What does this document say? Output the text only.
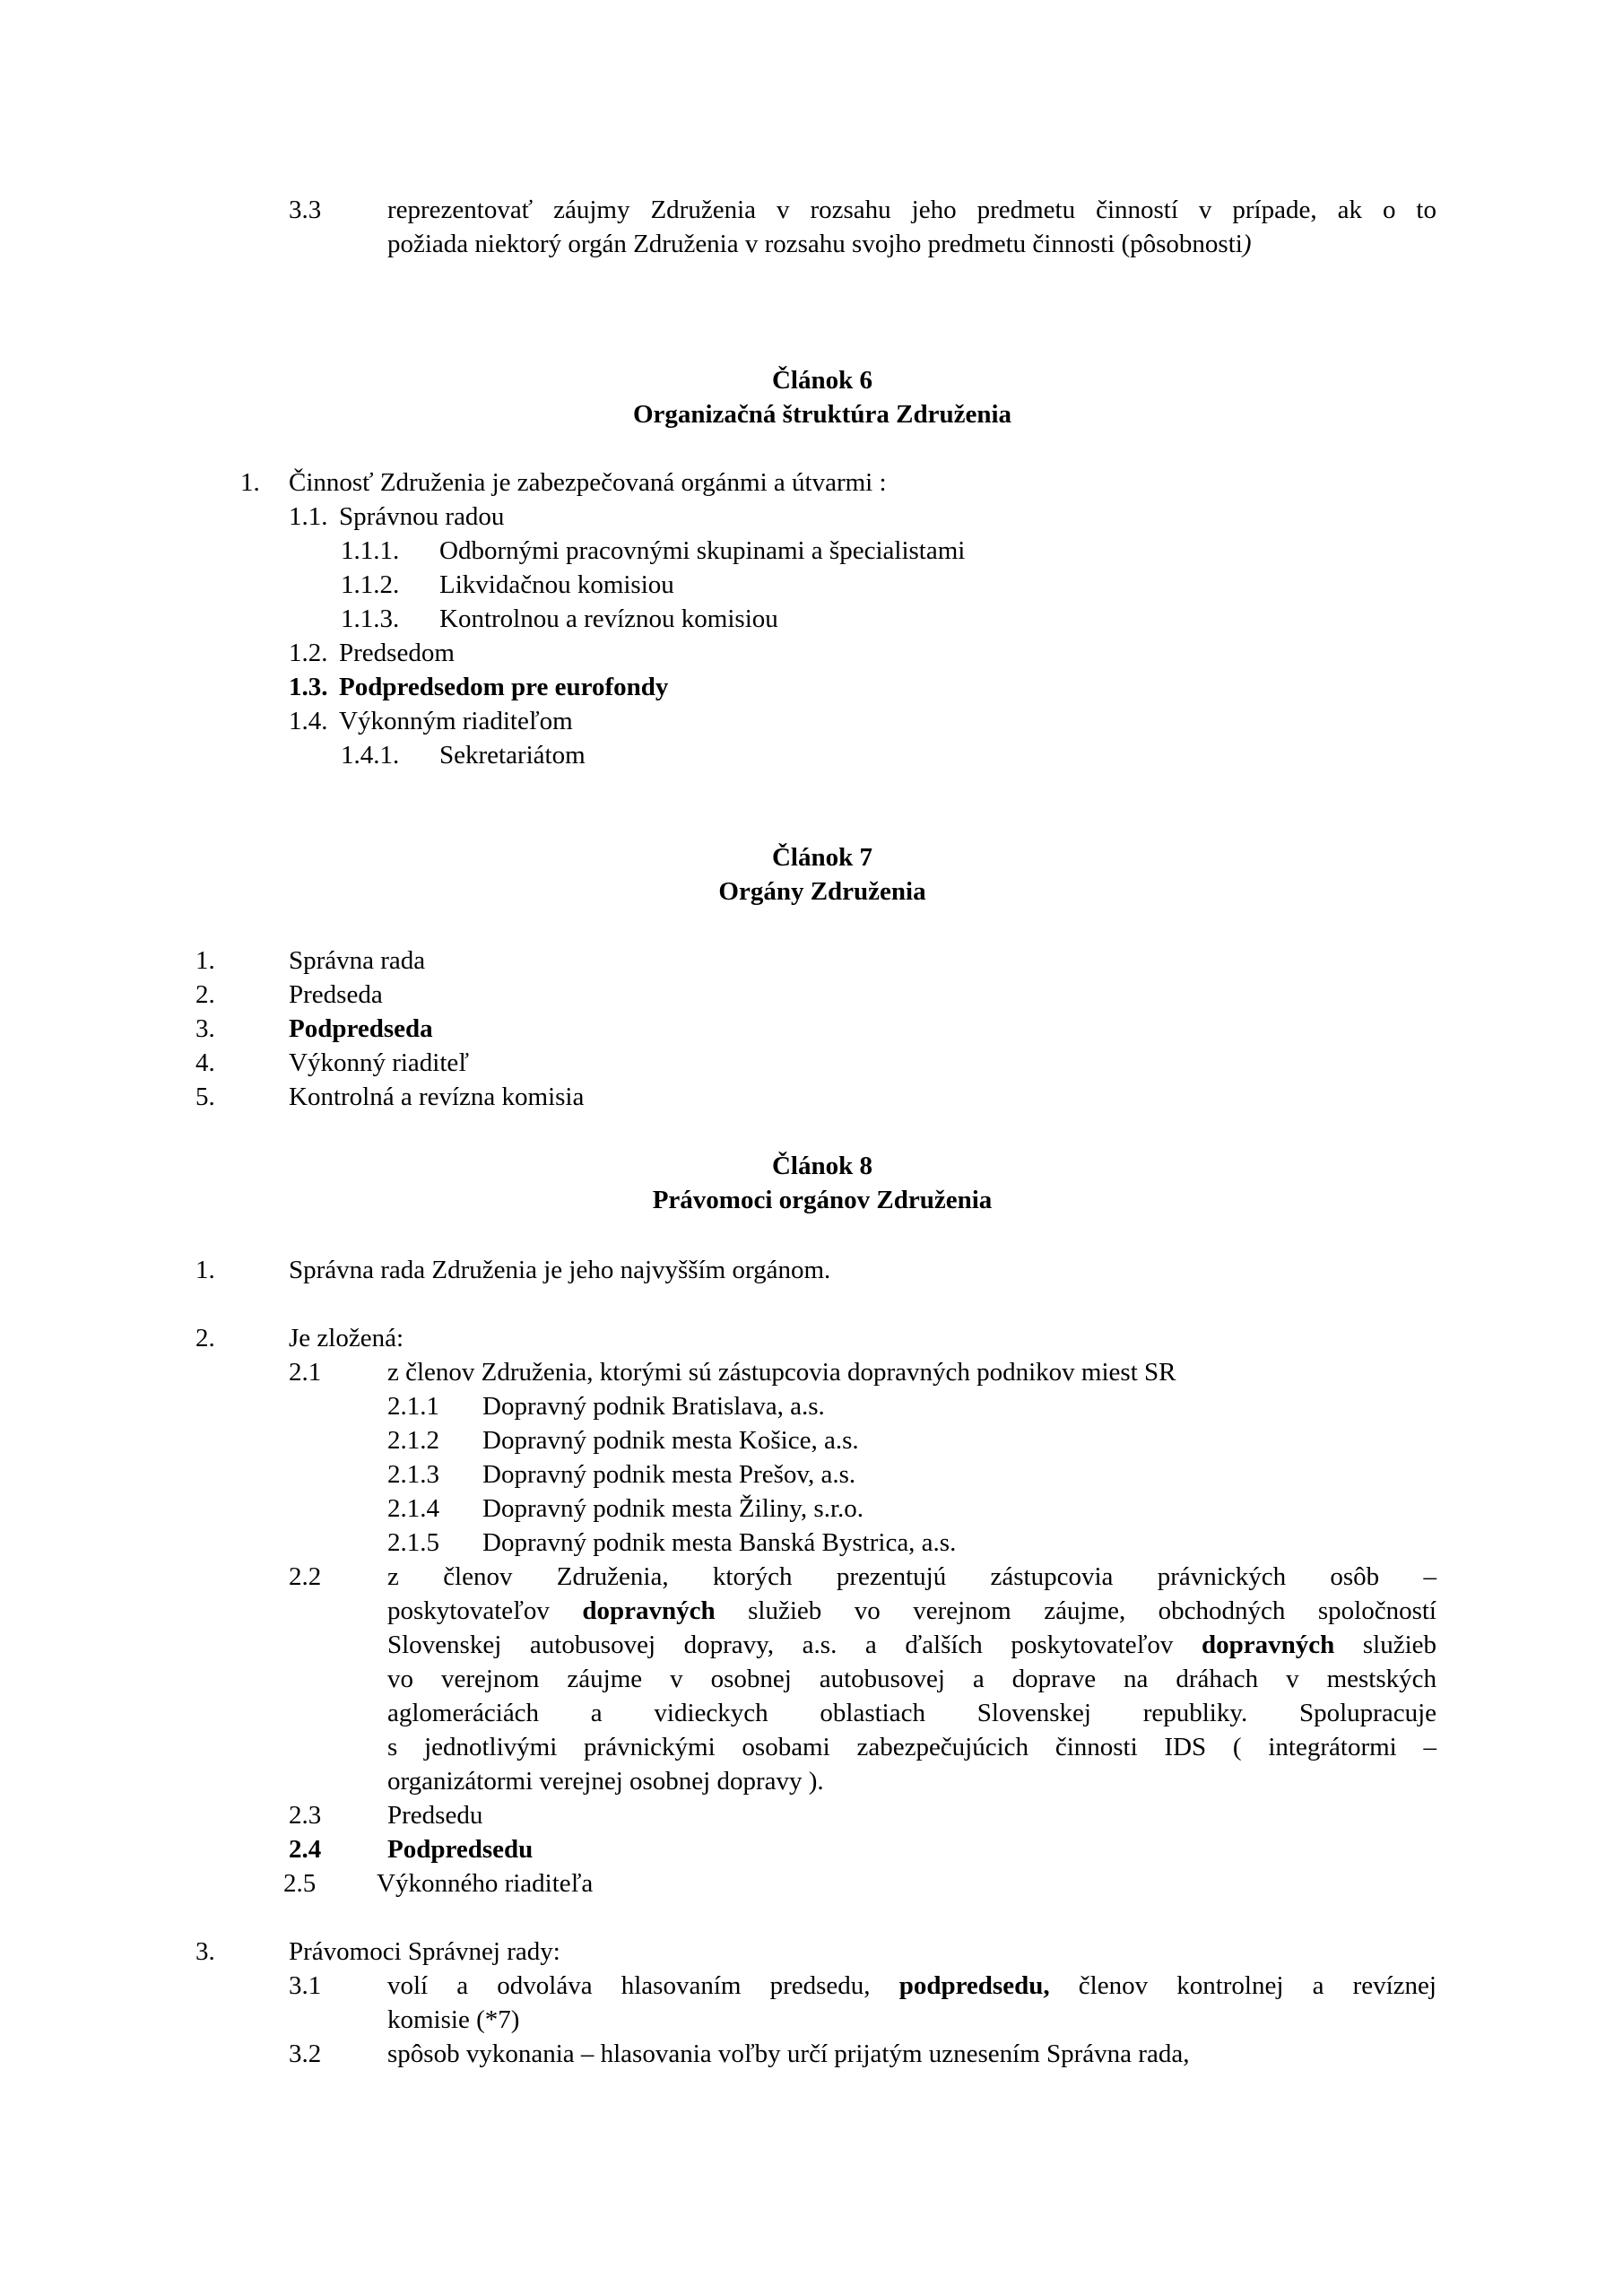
3.3	reprezentovať záujmy Združenia v rozsahu jeho predmetu činností v prípade, ak o to
požiada niektorý orgán Združenia v rozsahu svojho predmetu činnosti (pôsobnosti)
Článok 6
Organizačná štruktúra Združenia
1. Činnosť Združenia je zabezpečovaná orgánmi a útvarmi :
1.1. Správnou radou
1.1.1. Odbornými pracovnými skupinami a špecialistami
1.1.2. Likvidačnou komisiou
1.1.3. Kontrolnou a revíznou komisiou
1.2. Predsedom
1.3. Podpredsedom pre eurofondy
1.4. Výkonným riaditeľom
1.4.1. Sekretariátom
Článok 7
Orgány Združenia
1.	Správna rada
2.	Predseda
3.	Podpredseda
4.	Výkonný riaditeľ
5.	Kontrolná a revízna komisia
Článok 8
Právomoci orgánov Združenia
1.	Správna rada Združenia je jeho najvyšším orgánom.
2.	Je zložená:
2.1	z členov Združenia, ktorými sú zástupcovia dopravných podnikov miest SR
2.1.1 Dopravný podnik Bratislava, a.s.
2.1.2 Dopravný podnik mesta Košice, a.s.
2.1.3 Dopravný podnik mesta Prešov, a.s.
2.1.4 Dopravný podnik mesta Žiliny, s.r.o.
2.1.5 Dopravný podnik mesta Banská Bystrica, a.s.
2.2	z členov Združenia, ktorých prezentujú zástupcovia právnických osôb –
poskytovateľov dopravných služieb vo verejnom záujme, obchodných spoločností
Slovenskej autobusovej dopravy, a.s. a ďalších poskytovateľov dopravných služieb
vo verejnom záujme v osobnej autobusovej a doprave na dráhach v mestských
aglomeráciách a vidieckych oblastiach Slovenskej republiky. Spolupracuje
s jednotlivými právnickými osobami zabezpečujúcich činnosti IDS ( integrátormi –
organizátormi verejnej osobnej dopravy ).
2.3	Predsedu
2.4	Podpredsedu
2.5 Výkonného riaditeľa
3.	Právomoci Správnej rady:
3.1	volí a odvoláva hlasovaním predsedu, podpredsedu, členov kontrolnej a revíznej
komisie (*7)
3.2	spôsob vykonania – hlasovania voľby určí prijatým uznesením Správna rada,
